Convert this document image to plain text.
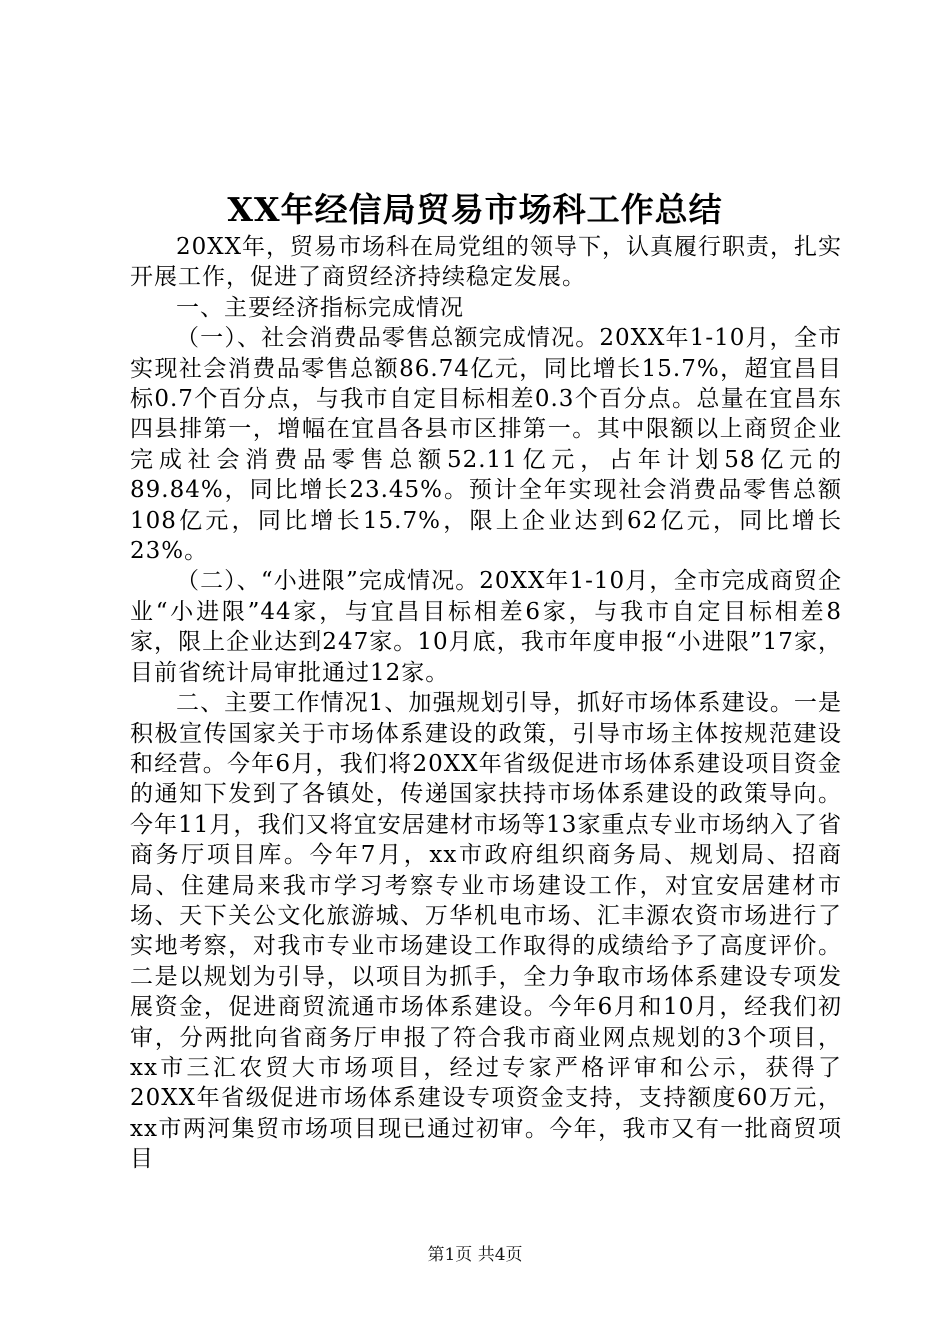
XX年经信局贸易市场科工作总结

20XX年，贸易市场科在局党组的领导下，认真履行职责，扎实开展工作，促进了商贸经济持续稳定发展。

一、主要经济指标完成情况

（一）、社会消费品零售总额完成情况。20XX年1-10月，全市实现社会消费品零售总额86.74亿元，同比增长15.7%，超宜昌目标0.7个百分点，与我市自定目标相差0.3个百分点。总量在宜昌东四县排第一，增幅在宜昌各县市区排第一。其中限额以上商贸企业完成社会消费品零售总额52.11亿元，占年计划58亿元的89.84%，同比增长23.45%。预计全年实现社会消费品零售总额108亿元，同比增长15.7%，限上企业达到62亿元，同比增长23%。

（二）、“小进限”完成情况。20XX年1-10月，全市完成商贸企业“小进限”44家，与宜昌目标相差6家，与我市自定目标相差8家，限上企业达到247家。10月底，我市年度申报“小进限”17家，目前省统计局审批通过12家。

二、主要工作情况1、加强规划引导，抓好市场体系建设。一是积极宣传国家关于市场体系建设的政策，引导市场主体按规范建设和经营。今年6月，我们将20XX年省级促进市场体系建设项目资金的通知下发到了各镇处，传递国家扶持市场体系建设的政策导向。今年11月，我们又将宜安居建材市场等13家重点专业市场纳入了省商务厅项目库。今年7月，xx市政府组织商务局、规划局、招商局、住建局来我市学习考察专业市场建设工作，对宜安居建材市场、天下关公文化旅游城、万华机电市场、汇丰源农资市场进行了实地考察，对我市专业市场建设工作取得的成绩给予了高度评价。二是以规划为引导，以项目为抓手，全力争取市场体系建设专项发展资金，促进商贸流通市场体系建设。今年6月和10月，经我们初审，分两批向省商务厅申报了符合我市商业网点规划的3个项目，xx市三汇农贸大市场项目，经过专家严格评审和公示，获得了20XX年省级促进市场体系建设专项资金支持，支持额度60万元，xx市两河集贸市场项目现已通过初审。今年，我市又有一批商贸项目

第1页 共4页
